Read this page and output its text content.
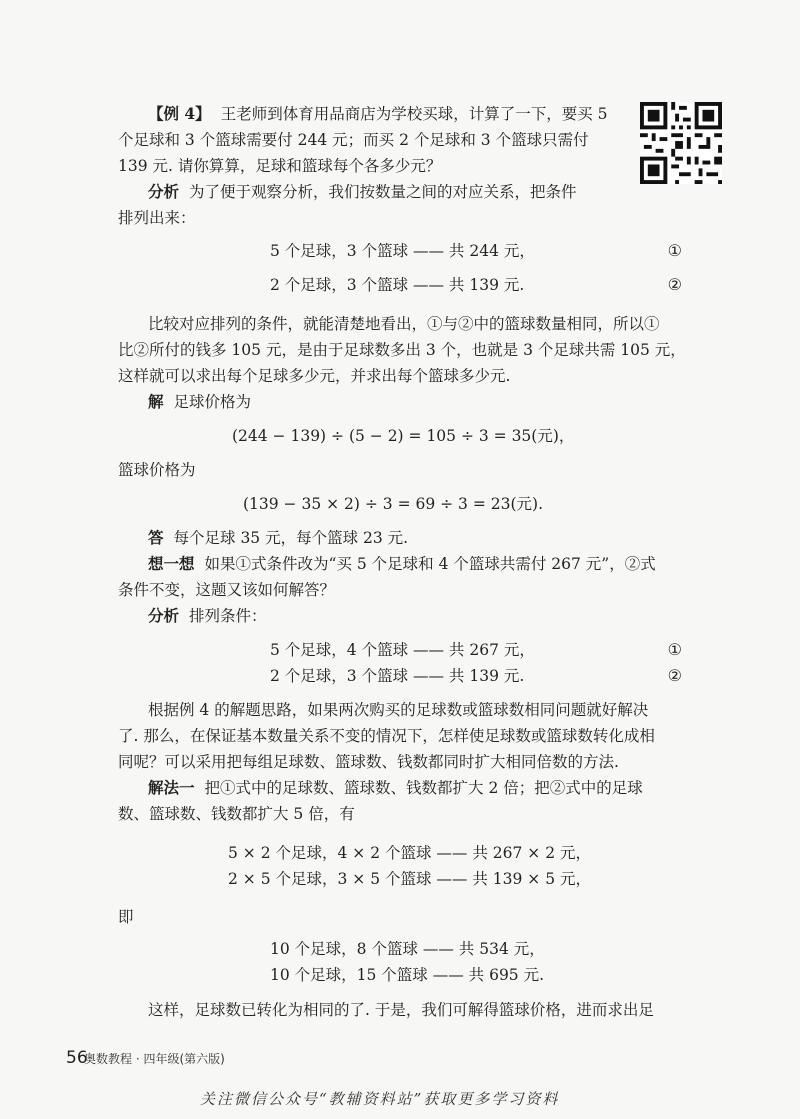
【例 4】 王老师到体育用品商店为学校买球，计算了一下，要买 5
个足球和 3 个篮球需要付 244 元；而买 2 个足球和 3 个篮球只需付
139 元. 请你算算，足球和篮球每个各多少元？
分析 为了便于观察分析，我们按数量之间的对应关系，把条件
排列出来：
5 个足球，3 个篮球 —— 共 244 元，	①
2 个足球，3 个篮球 —— 共 139 元.	②
比较对应排列的条件，就能清楚地看出，①与②中的篮球数量相同，所以①
比②所付的钱多 105 元，是由于足球数多出 3 个，也就是 3 个足球共需 105 元，
这样就可以求出每个足球多少元，并求出每个篮球多少元.
解 足球价格为
(244 − 139) ÷ (5 − 2) = 105 ÷ 3 = 35(元)，
篮球价格为
(139 − 35 × 2) ÷ 3 = 69 ÷ 3 = 23(元).
答 每个足球 35 元，每个篮球 23 元.
想一想 如果①式条件改为“买 5 个足球和 4 个篮球共需付 267 元”，②式
条件不变，这题又该如何解答？
分析 排列条件：
5 个足球，4 个篮球 —— 共 267 元，	①
2 个足球，3 个篮球 —— 共 139 元.	②
根据例 4 的解题思路，如果两次购买的足球数或篮球数相同问题就好解决
了. 那么，在保证基本数量关系不变的情况下，怎样使足球数或篮球数转化成相
同呢？可以采用把每组足球数、篮球数、钱数都同时扩大相同倍数的方法.
解法一 把①式中的足球数、篮球数、钱数都扩大 2 倍；把②式中的足球
数、篮球数、钱数都扩大 5 倍，有
5 × 2 个足球，4 × 2 个篮球 —— 共 267 × 2 元，
2 × 5 个足球，3 × 5 个篮球 —— 共 139 × 5 元，
即
10 个足球，8 个篮球 —— 共 534 元，
10 个足球，15 个篮球 —— 共 695 元.
这样，足球数已转化为相同的了. 于是，我们可解得篮球价格，进而求出足
56
奥数教程 · 四年级(第六版)
关注微信公众号“教辅资料站”获取更多学习资料
